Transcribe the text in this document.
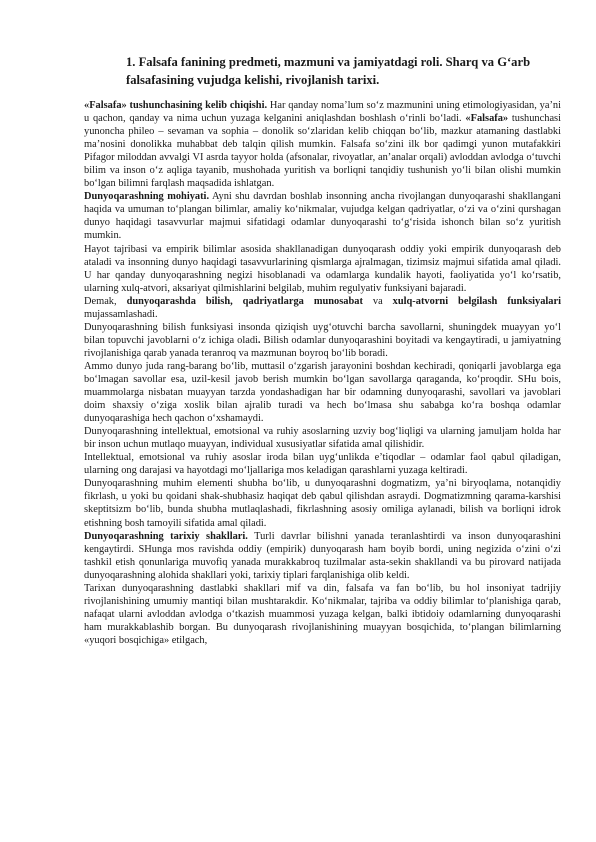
1. Falsafa fanining predmeti, mazmuni va jamiyatdagi roli. Sharq va G‘arb falsafasining vujudga kelishi, rivojlanish tarixi.

«Falsafa» tushunchasining kelib chiqishi. Har qanday noma’lum so‘z mazmunini uning etimologiyasidan, ya’ni u qachon, qanday va nima uchun yuzaga kelganini aniqlashdan boshlash o‘rinli bo‘ladi. «Falsafa» tushunchasi yunoncha phileo – sevaman va sophia – donolik so‘zlaridan kelib chiqqan bo‘lib, mazkur atamaning dastlabki ma’nosini donolikka muhabbat deb talqin qilish mumkin. Falsafa so‘zini ilk bor qadimgi yunon mutafakkiri Pifagor miloddan avvalgi VI asrda tayyor holda (afsonalar, rivoyatlar, an’analar orqali) avloddan avlodga o‘tuvchi bilim va inson o‘z aqliga tayanib, mushohada yuritish va borliqni tanqidiy tushunish yo‘li bilan olishi mumkin bo‘lgan bilimni farqlash maqsadida ishlatgan.

Dunyoqarashning mohiyati. Ayni shu davrdan boshlab insonning ancha rivojlangan dunyoqarashi shakllangani haqida va umuman to‘plangan bilimlar, amaliy ko‘nikmalar, vujudga kelgan qadriyatlar, o‘zi va o‘zini qurshagan dunyo haqidagi tasavvurlar majmui sifatidagi odamlar dunyoqarashi to‘g‘risida ishonch bilan so‘z yuritish mumkin.

Hayot tajribasi va empirik bilimlar asosida shakllanadigan dunyoqarash oddiy yoki empirik dunyoqarash deb ataladi va insonning dunyo haqidagi tasavvurlarining qismlarga ajralmagan, tizimsiz majmui sifatida amal qiladi. U har qanday dunyoqarashning negizi hisoblanadi va odamlarga kundalik hayoti, faoliyatida yo‘l ko‘rsatib, ularning xulq-atvori, aksariyat qilmishlarini belgilab, muhim regulyativ funksiyani bajaradi.

Demak, dunyoqarashda bilish, qadriyatlarga munosabat va xulq-atvorni belgilash funksiyalari mujassamlashadi.

Dunyoqarashning bilish funksiyasi insonda qiziqish uyg‘otuvchi barcha savollarni, shuningdek muayyan yo‘l bilan topuvchi javoblarni o‘z ichiga oladi. Bilish odamlar dunyoqarashini boyitadi va kengaytiradi, u jamiyatning rivojlanishiga qarab yanada teranroq va mazmunan boyroq bo‘lib boradi.

Ammo dunyo juda rang-barang bo‘lib, muttasil o‘zgarish jarayonini boshdan kechiradi, qoniqarli javoblarga ega bo‘lmagan savollar esa, uzil-kesil javob berish mumkin bo‘lgan savollarga qaraganda, ko‘proqdir. SHu bois, muammolarga nisbatan muayyan tarzda yondashadigan har bir odamning dunyoqarashi, savollari va javoblari doim shaxsiy o‘ziga xoslik bilan ajralib turadi va hech bo‘lmasa shu sababga ko‘ra boshqa odamlar dunyoqarashiga hech qachon o‘xshamaydi.

Dunyoqarashning intellektual, emotsional va ruhiy asoslarning uzviy bog‘liqligi va ularning jamuljam holda har bir inson uchun mutlaqo muayyan, individual xususiyatlar sifatida amal qilishidir.

Intellektual, emotsional va ruhiy asoslar iroda bilan uyg‘unlikda e’tiqodlar – odamlar faol qabul qiladigan, ularning ong darajasi va hayotdagi mo‘ljallariga mos keladigan qarashlarni yuzaga keltiradi.

Dunyoqarashning muhim elementi shubha bo‘lib, u dunyoqarashni dogmatizm, ya’ni biryoqlama, notanqidiy fikrlash, u yoki bu qoidani shak-shubhasiz haqiqat deb qabul qilishdan asraydi. Dogmatizmning qarama-karshisi skeptitsizm bo‘lib, bunda shubha mutlaqlashadi, fikrlashning asosiy omiliga aylanadi, bilish va borliqni idrok etishning bosh tamoyili sifatida amal qiladi.

Dunyoqarashning tarixiy shakllari. Turli davrlar bilishni yanada teranlashtirdi va inson dunyoqarashini kengaytirdi. SHunga mos ravishda oddiy (empirik) dunyoqarash ham boyib bordi, uning negizida o‘zini o‘zi tashkil etish qonunlariga muvofiq yanada murakkabroq tuzilmalar asta-sekin shakllandi va bu pirovard natijada dunyoqarashning alohida shakllari yoki, tarixiy tiplari farqlanishiga olib keldi.

Tarixan dunyoqarashning dastlabki shakllari mif va din, falsafa va fan bo‘lib, bu hol insoniyat tadrijiy rivojlanishining umumiy mantiqi bilan mushtarakdir. Ko‘nikmalar, tajriba va oddiy bilimlar to‘planishiga qarab, nafaqat ularni avloddan avlodga o‘tkazish muammosi yuzaga kelgan, balki ibtidoiy odamlarning dunyoqarashi ham murakkablashib borgan. Bu dunyoqarash rivojlanishining muayyan bosqichida, to‘plangan bilimlarning «yuqori bosqichiga» etilgach,
